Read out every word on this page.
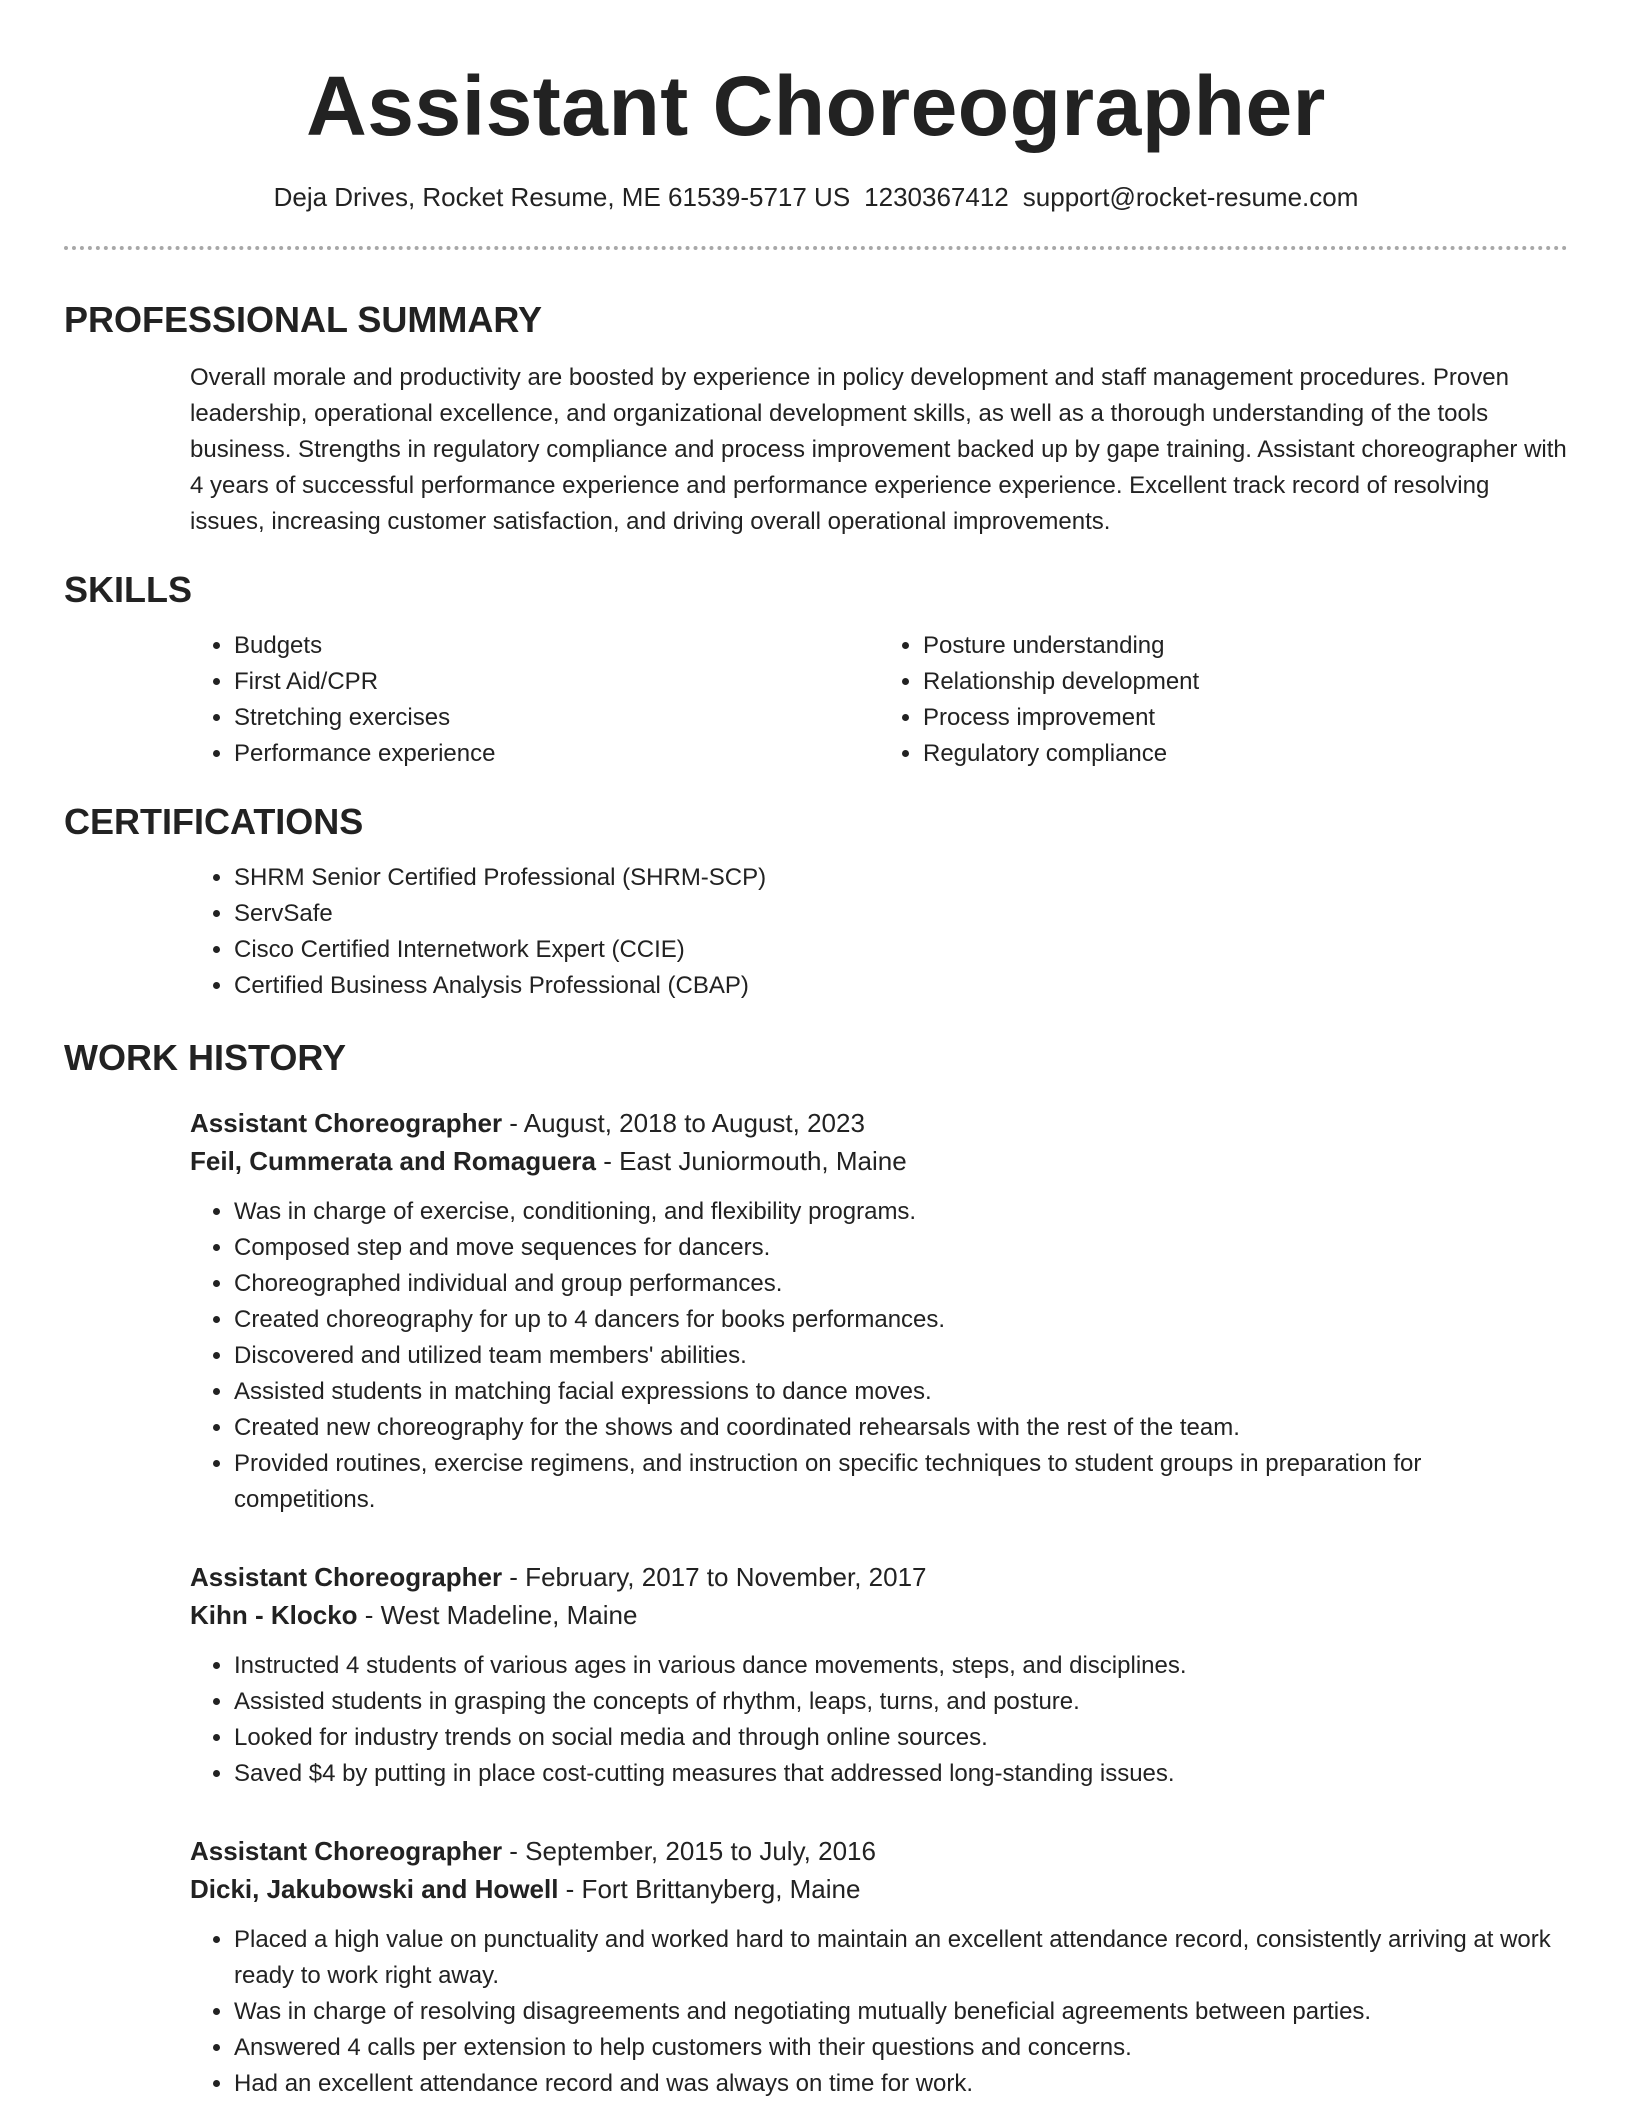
Assistant Choreographer
Deja Drives, Rocket Resume, ME 61539-5717 US 1230367412 support@rocket-resume.com
PROFESSIONAL SUMMARY

Overall morale and productivity are boosted by experience in policy development and staff management procedures. Proven leadership, operational excellence, and organizational development skills, as well as a thorough understanding of the tools business. Strengths in regulatory compliance and process improvement backed up by gape training. Assistant choreographer with 4 years of successful performance experience and performance experience experience. Excellent track record of resolving issues, increasing customer satisfaction, and driving overall operational improvements.

SKILLS
• Budgets
• First Aid/CPR
• Stretching exercises
• Performance experience
• Posture understanding
• Relationship development
• Process improvement
• Regulatory compliance
CERTIFICATIONS
• SHRM Senior Certified Professional (SHRM-SCP)
• ServSafe
• Cisco Certified Internetwork Expert (CCIE)
• Certified Business Analysis Professional (CBAP)
WORK HISTORY
Assistant Choreographer - August, 2018 to August, 2023
Feil, Cummerata and Romaguera - East Juniormouth, Maine
• Was in charge of exercise, conditioning, and flexibility programs.
• Composed step and move sequences for dancers.
• Choreographed individual and group performances.
• Created choreography for up to 4 dancers for books performances.
• Discovered and utilized team members' abilities.
• Assisted students in matching facial expressions to dance moves.
• Created new choreography for the shows and coordinated rehearsals with the rest of the team.
• Provided routines, exercise regimens, and instruction on specific techniques to student groups in preparation for competitions.
Assistant Choreographer - February, 2017 to November, 2017
Kihn - Klocko - West Madeline, Maine
• Instructed 4 students of various ages in various dance movements, steps, and disciplines.
• Assisted students in grasping the concepts of rhythm, leaps, turns, and posture.
• Looked for industry trends on social media and through online sources.
• Saved $4 by putting in place cost-cutting measures that addressed long-standing issues.
Assistant Choreographer - September, 2015 to July, 2016
Dicki, Jakubowski and Howell - Fort Brittanyberg, Maine
• Placed a high value on punctuality and worked hard to maintain an excellent attendance record, consistently arriving at work ready to work right away.
• Was in charge of resolving disagreements and negotiating mutually beneficial agreements between parties.
• Answered 4 calls per extension to help customers with their questions and concerns.
• Had an excellent attendance record and was always on time for work.
